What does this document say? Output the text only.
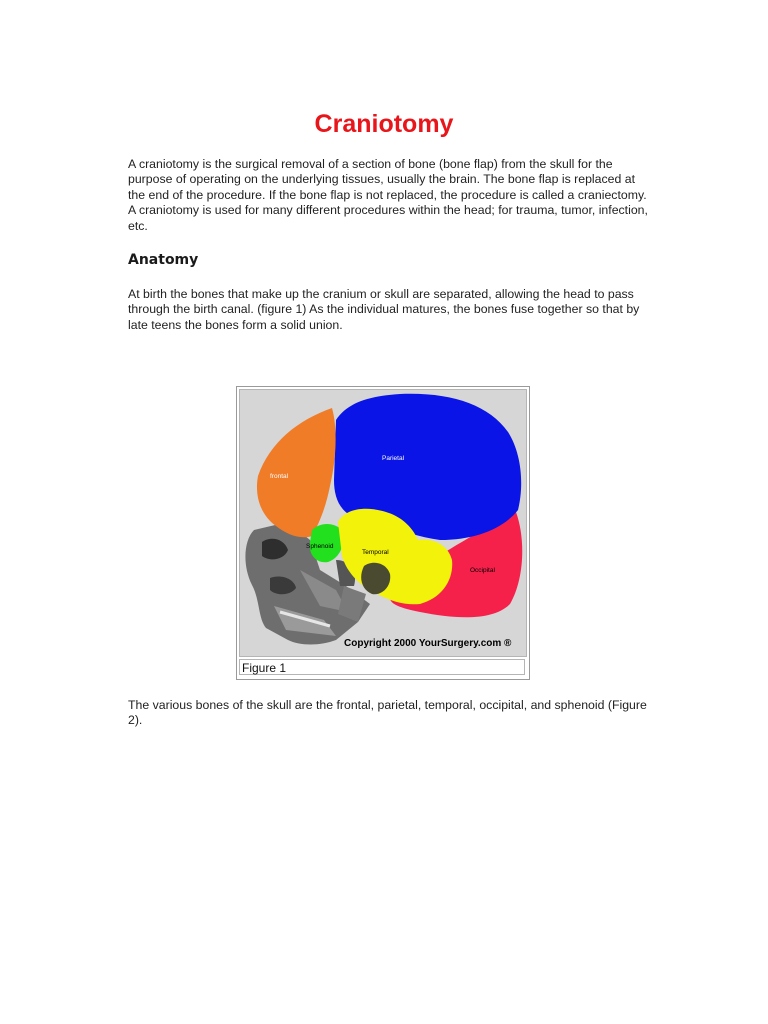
Craniotomy

A craniotomy is the surgical removal of a section of bone (bone flap) from the skull for the purpose of operating on the underlying tissues, usually the brain. The bone flap is replaced at the end of the procedure. If the bone flap is not replaced, the procedure is called a craniectomy. A craniotomy is used for many different procedures within the head; for trauma, tumor, infection, etc.

Anatomy

At birth the bones that make up the cranium or skull are separated, allowing the head to pass through the birth canal. (figure 1) As the individual matures, the bones fuse together so that by late teens the bones form a solid union.

frontal
Parietal
Sphenoid
Temporal
Occipital
Copyright 2000 YourSurgery.com ®
Figure 1

The various bones of the skull are the frontal, parietal, temporal, occipital, and sphenoid (Figure 2).
